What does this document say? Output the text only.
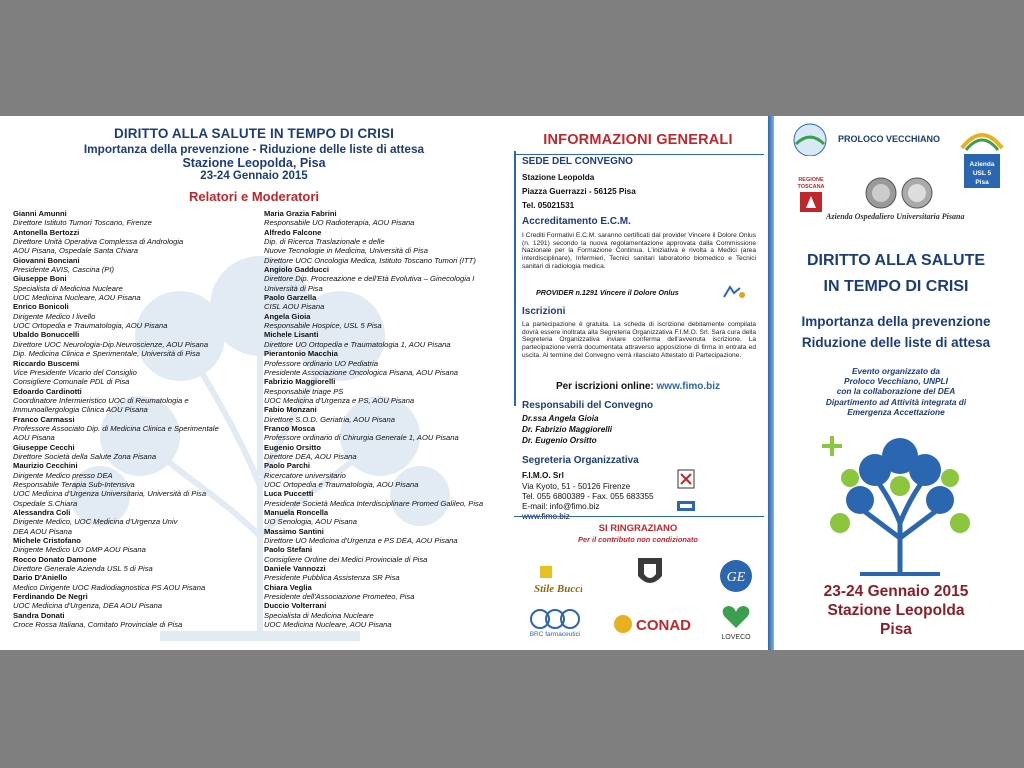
DIRITTO ALLA SALUTE IN TEMPO DI CRISI
Importanza della prevenzione - Riduzione delle liste di attesa
Stazione Leopolda, Pisa
23-24 Gennaio 2015
Relatori e Moderatori
Gianni Amunni
Direttore Istituto Tumori Toscano, Firenze
Antonella Bertozzi
Direttore Unità Operativa Complessa di Andrologia
AOU Pisana, Ospedale Santa Chiara
Giovanni Bonciani
Presidente AVIS, Cascina (PI)
Giuseppe Boni
Specialista di Medicina Nucleare
UOC Medicina Nucleare, AOU Pisana
Enrico Bonicoli
Dirigente Medico I livello
UOC Ortopedia e Traumatologia, AOU Pisana
Ubaldo Bonuccelli
Direttore UOC Neurologia-Dip.Neuroscienze, AOU Pisana
Dip. Medicina Clinica e Sperimentale, Università di Pisa
Riccardo Buscemi
Vice Presidente Vicario del Consiglio
Consigliere Comunale PDL di Pisa
Edoardo Cardinotti
Coordinatore Infermieristico UOC di Reumatologia e
Immunoallergologia Clinica AOU Pisana
Franco Carmassi
Professore Associato Dip. di Medicina Clinica e Sperimentale
AOU Pisana
Giuseppe Cecchi
Direttore Società della Salute Zona Pisana
Maurizio Cecchini
Dirigente Medico presso DEA
Responsabile Terapia Sub-Intensiva
UOC Medicina d'Urgenza Universitaria, Università di Pisa
Ospedale S.Chiara
Alessandra Coli
Dirigente Medico, UOC Medicina d'Urgenza Univ
DEA AOU Pisana
Michele Cristofano
Dirigente Medico UO DMP AOU Pisana
Rocco Donato Damone
Direttore Generale Azienda USL 5 di Pisa
Dario D'Aniello
Medico Dirigente UOC Radiodiagnostica PS AOU Pisana
Ferdinando De Negri
UOC Medicina d'Urgenza, DEA AOU Pisana
Sandra Donati
Croce Rossa Italiana, Comitato Provinciale di Pisa
Maria Grazia Fabrini
Responsabile UO Radioterapia, AOU Pisana
Alfredo Falcone
Dip. di Ricerca Traslazionale e delle
Nuove Tecnologie in Medicina, Università di Pisa
Direttore UOC Oncologia Medica, Istituto Toscano Tumori (ITT)
Angiolo Gadducci
Direttore Dip. Procreazione e dell'Età Evolutiva – Ginecologia I
Università di Pisa
Paolo Garzella
CISL AOU Pisana
Angela Gioia
Responsabile Hospice, USL 5 Pisa
Michele Lisanti
Direttore UO Ortopedia e Traumatologia 1, AOU Pisana
Pierantonio Macchia
Professore ordinario UO Pediatria
Presidente Associazione Oncologica Pisana, AOU Pisana
Fabrizio Maggiorelli
Responsabile triage PS
UOC Medicina d'Urgenza e PS, AOU Pisana
Fabio Monzani
Direttore S.O.D. Geriatria, AOU Pisana
Franco Mosca
Professore ordinario di Chirurgia Generale 1, AOU Pisana
Eugenio Orsitto
Direttore DEA, AOU Pisana
Paolo Parchi
Ricercatore universitario
UOC Ortopedia e Traumatologia, AOU Pisana
Luca Puccetti
Presidente Società Medica Interdisciplinare Promed Galileo, Pisa
Manuela Roncella
UO Senologia, AOU Pisana
Massimo Santini
Direttore UO Medicina d'Urgenza e PS DEA, AOU Pisana
Paolo Stefani
Consigliere Ordine dei Medici Provinciale di Pisa
Daniele Vannozzi
Presidente Pubblica Assistenza SR Pisa
Chiara Veglia
Presidente dell'Associazione Prometeo, Pisa
Duccio Volterrani
Specialista di Medicina Nucleare
UOC Medicina Nucleare, AOU Pisana
INFORMAZIONI GENERALI
SEDE DEL CONVEGNO
Stazione Leopolda
Piazza Guerrazzi - 56125 Pisa
Tel. 05021531
Accreditamento E.C.M.
I Crediti Formativi E.C.M. saranno certificati dal provider Vincere il Dolore Onlus (n. 1291) secondo la nuova regolamentazione approvata dalla Commissione Nazionale per la Formazione Continua. L'iniziativa è rivolta a Medici (area interdisciplinare), Infermieri, Tecnici sanitari laboratorio biomedico e Tecnici sanitari di radiologia medica.
PROVIDER n.1291 Vincere il Dolore Onlus
Iscrizioni
La partecipazione è gratuita. La scheda di iscrizione debitamente compilata dovrà essere inoltrata alla Segreteria Organizzativa F.I.M.O. Srl. Sarà cura della Segreteria Organizzativa inviare conferma dell'avvenuta iscrizione. La partecipazione verrà documentata attraverso apposizione di firma in entrata ed uscita. Al termine del Convegno verrà rilasciato Attestato di Partecipazione.
Per iscrizioni online: www.fimo.biz
Responsabili del Convegno
Dr.ssa Angela Gioia
Dr. Fabrizio Maggiorelli
Dr. Eugenio Orsitto
Segreteria Organizzativa
F.I.M.O. Srl
Via Kyoto, 51 - 50126 Firenze
Tel. 055 6800389 - Fax. 055 683355
E-mail: info@fimo.biz
www.fimo.biz
SI RINGRAZIANO
Per il contributo non condizionato
Stile Bucci
GE
BRC farmaceutici
CONAD
LOVECO
PROLOCO VECCHIANO
Azienda
USL 5
Pisa
REGIONE
TOSCANA
Azienda Ospedaliero Universitaria Pisana
DIRITTO ALLA SALUTE
IN TEMPO DI CRISI
Importanza della prevenzione
Riduzione delle liste di attesa
Evento organizzato da
Proloco Vecchiano, UNPLI
con la collaborazione del DEA
Dipartimento ad Attività integrata di
Emergenza Accettazione
23-24 Gennaio 2015
Stazione Leopolda
Pisa
